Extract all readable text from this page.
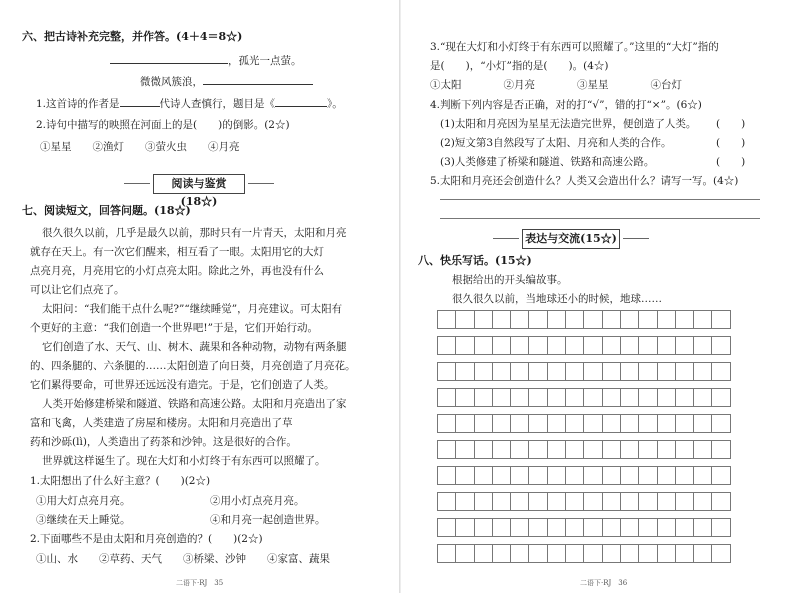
六、把古诗补充完整，并作答。(4＋4＝8☆)
，孤光一点萤。
微微风簇浪，
1.这首诗的作者是	代诗人查慎行，题目是《	》。
2.诗句中描写的映照在河面上的是(　　)的倒影。(2☆)
①星星　　②渔灯　　③萤火虫　　④月亮
阅读与鉴赏(18☆)
七、阅读短文，回答问题。(18☆)
很久很久以前，几乎是最久以前，那时只有一片青天，太阳和月亮
就存在天上。有一次它们醒来，相互看了一眼。太阳用它的大灯
点亮月亮，月亮用它的小灯点亮太阳。除此之外，再也没有什么
可以让它们点亮了。
太阳问：“我们能干点什么呢?”“继续睡觉”，月亮建议。可太阳有
个更好的主意：“我们创造一个世界吧!”于是，它们开始行动。
它们创造了水、天气、山、树木、蔬果和各种动物，动物有两条腿
的、四条腿的、六条腿的……太阳创造了向日葵，月亮创造了月亮花。
它们累得要命，可世界还远远没有造完。于是，它们创造了人类。
人类开始修建桥梁和隧道、铁路和高速公路。太阳和月亮造出了家
富和飞禽，人类建造了房屋和楼房。太阳和月亮造出了草
药和沙砾(lì)，人类造出了药茶和沙钟。这是很好的合作。
世界就这样诞生了。现在大灯和小灯终于有东西可以照耀了。
1.太阳想出了什么好主意？(　　)(2☆)
①用大灯点亮月亮。	②用小灯点亮月亮。
③继续在天上睡觉。	④和月亮一起创造世界。
2.下面哪些不是由太阳和月亮创造的？(　　)(2☆)
①山、水　　②草药、天气　　③桥梁、沙钟　　④家富、蔬果
二语下·RJ　35
3.“现在大灯和小灯终于有东西可以照耀了。”这里的“大灯”指的
是(　　)，“小灯”指的是(　　)。(4☆)
①太阳　　　　②月亮　　　　③星星　　　　④台灯
4.判断下列内容是否正确，对的打“√”，错的打“×”。(6☆)
(1)太阳和月亮因为星星无法造完世界，便创造了人类。 (　　)
(2)短文第3自然段写了太阳、月亮和人类的合作。	(　　)
(3)人类修建了桥梁和隧道、铁路和高速公路。	(　　)
5.太阳和月亮还会创造什么？人类又会造出什么？请写一写。(4☆)
表达与交流(15☆)
八、快乐写话。(15☆)
根据给出的开头编故事。
很久很久以前，当地球还小的时候，地球……
二语下·RJ　36
